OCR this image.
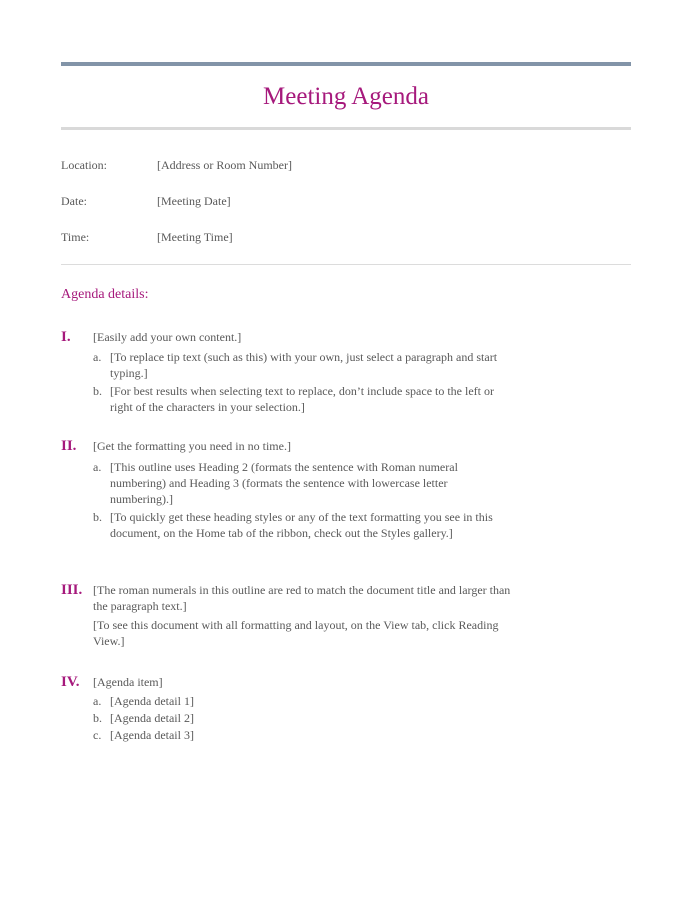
Meeting Agenda
Location:	[Address or Room Number]
Date:	[Meeting Date]
Time:	[Meeting Time]
Agenda details:
I. [Easily add your own content.]
a. [To replace tip text (such as this) with your own, just select a paragraph and start typing.]
b. [For best results when selecting text to replace, don’t include space to the left or right of the characters in your selection.]
II. [Get the formatting you need in no time.]
a. [This outline uses Heading 2 (formats the sentence with Roman numeral numbering) and Heading 3 (formats the sentence with lowercase letter numbering).]
b. [To quickly get these heading styles or any of the text formatting you see in this document, on the Home tab of the ribbon, check out the Styles gallery.]
III. [The roman numerals in this outline are red to match the document title and larger than the paragraph text.]
[To see this document with all formatting and layout, on the View tab, click Reading View.]
IV. [Agenda item]
a. [Agenda detail 1]
b. [Agenda detail 2]
c. [Agenda detail 3]
